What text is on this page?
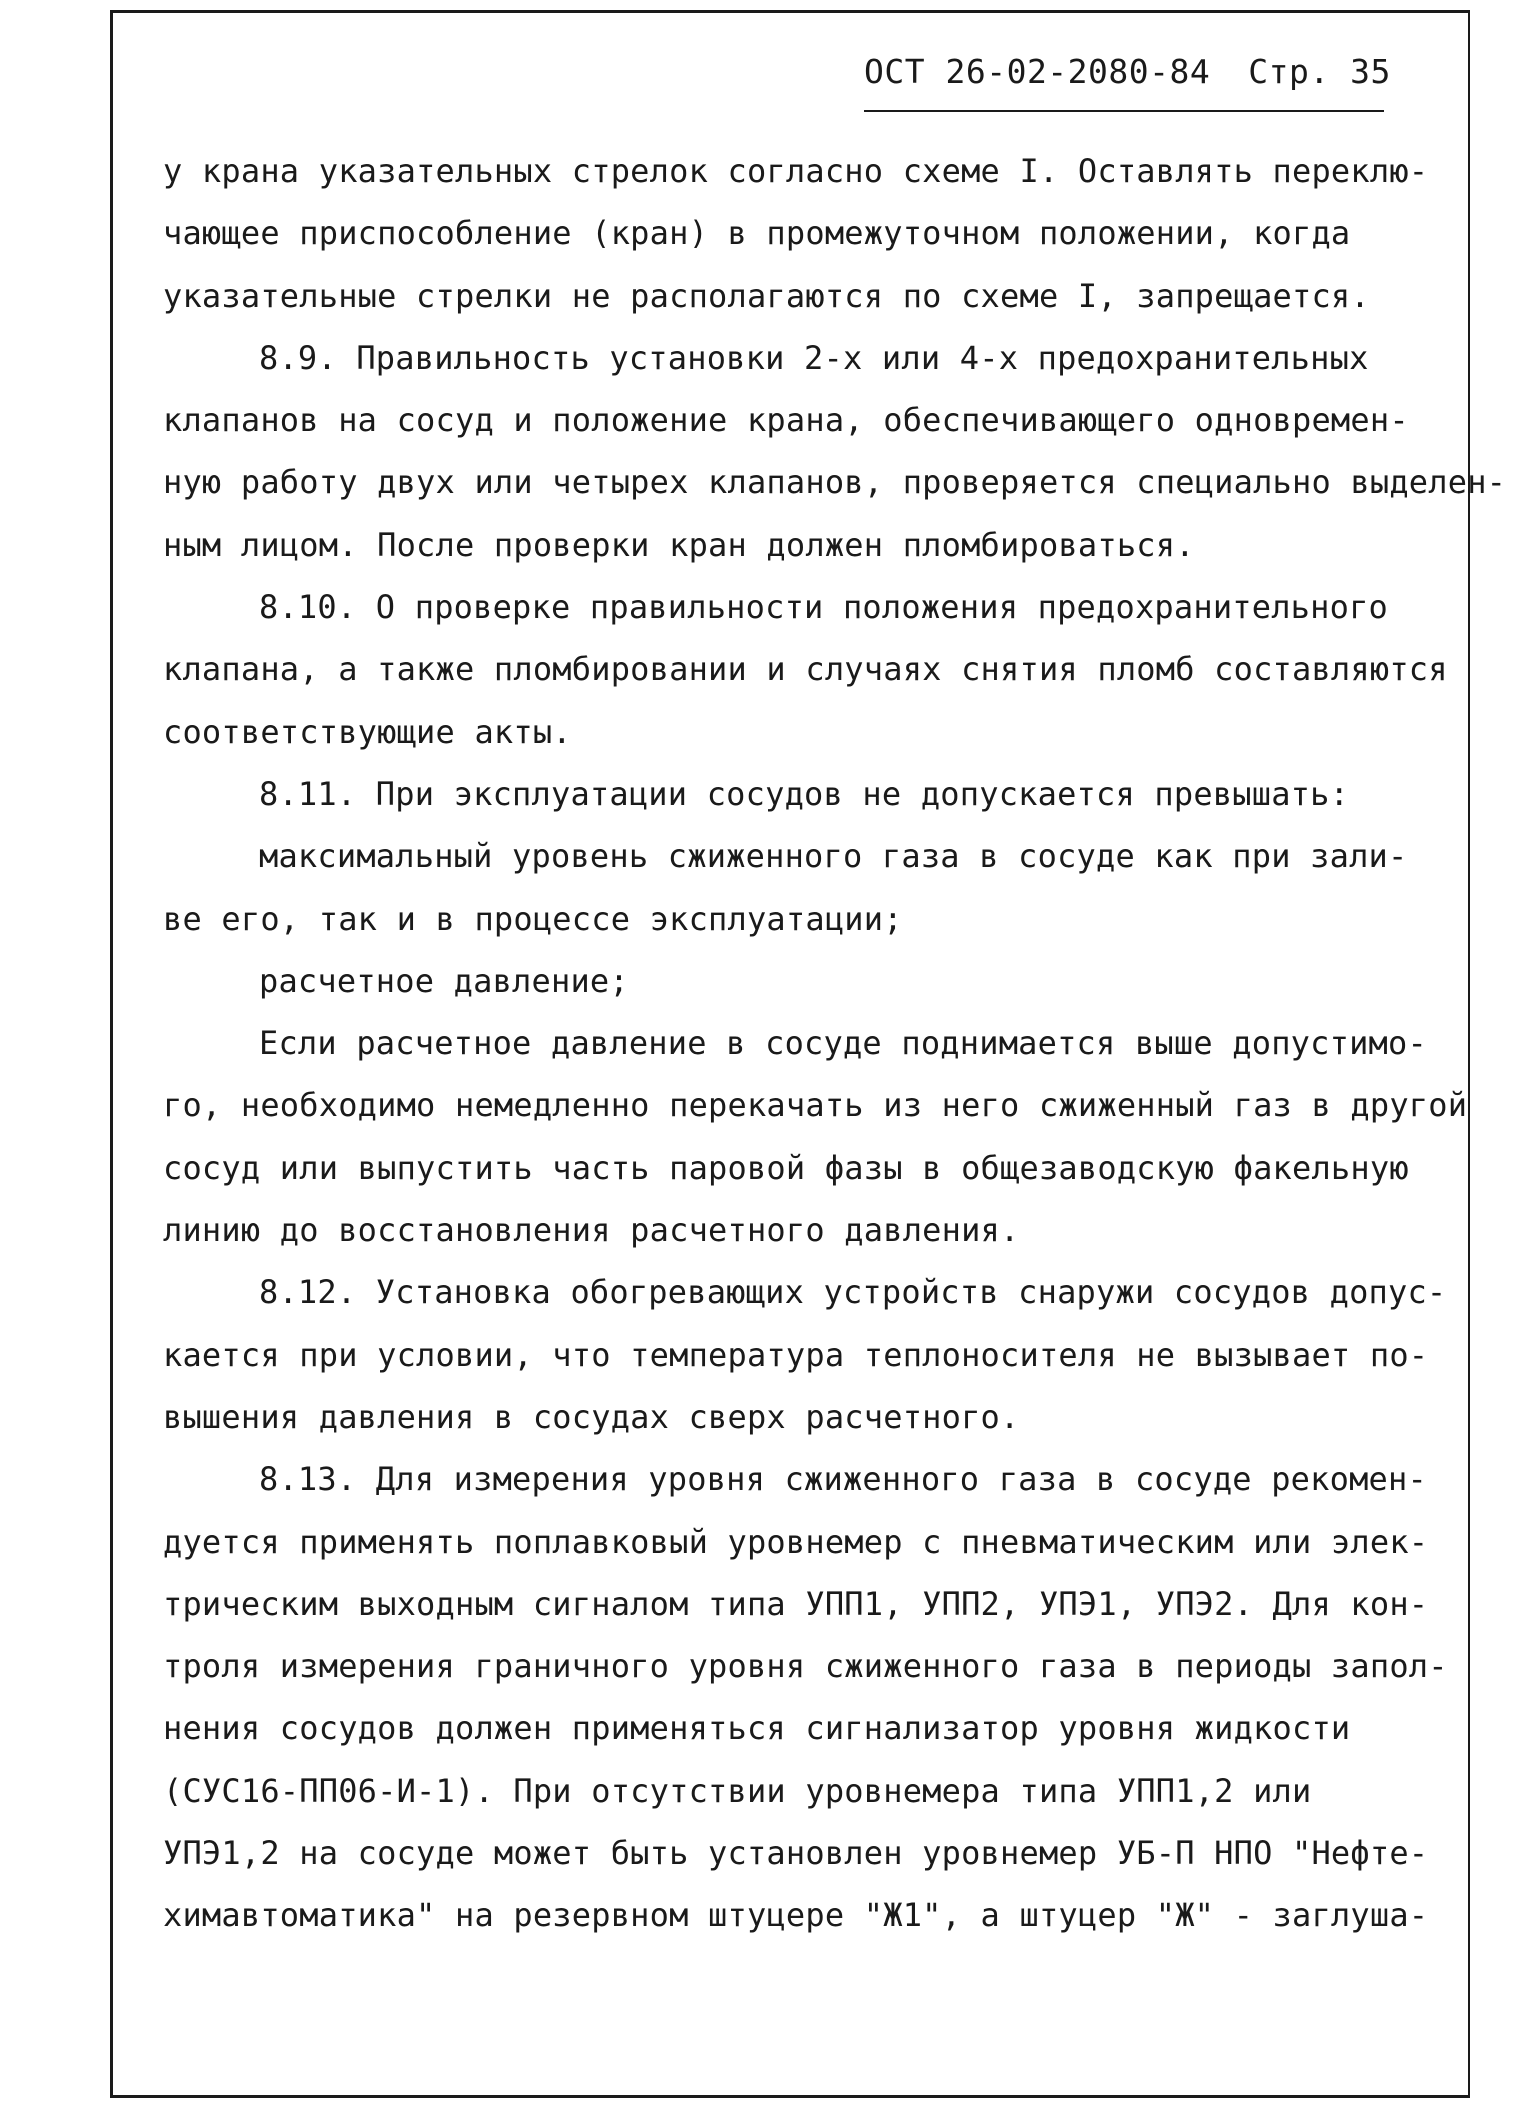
ОСТ 26-02-2080-84 Стр. 35
у крана указательных стрелок согласно схеме I. Оставлять переклю-
чающее приспособление (кран) в промежуточном положении, когда
указательные стрелки не располагаются по схеме I, запрещается.
8.9. Правильность установки 2-х или 4-х предохранительных
клапанов на сосуд и положение крана, обеспечивающего одновремен-
ную работу двух или четырех клапанов, проверяется специально выделен-
ным лицом. После проверки кран должен пломбироваться.
8.10. О проверке правильности положения предохранительного
клапана, а также пломбировании и случаях снятия пломб составляются
соответствующие акты.
8.11. При эксплуатации сосудов не допускается превышать:
максимальный уровень сжиженного газа в сосуде как при зали-
ве его, так и в процессе эксплуатации;
расчетное давление;
Если расчетное давление в сосуде поднимается выше допустимо-
го, необходимо немедленно перекачать из него сжиженный газ в другой
сосуд или выпустить часть паровой фазы в общезаводскую факельную
линию до восстановления расчетного давления.
8.12. Установка обогревающих устройств снаружи сосудов допус-
кается при условии, что температура теплоносителя не вызывает по-
вышения давления в сосудах сверх расчетного.
8.13. Для измерения уровня сжиженного газа в сосуде рекомен-
дуется применять поплавковый уровнемер с пневматическим или элек-
трическим выходным сигналом типа УПП1, УПП2, УПЭ1, УПЭ2. Для кон-
троля измерения граничного уровня сжиженного газа в периоды запол-
нения сосудов должен применяться сигнализатор уровня жидкости
(СУС16-ПП06-И-1). При отсутствии уровнемера типа УПП1,2 или
УПЭ1,2 на сосуде может быть установлен уровнемер УБ-П НПО "Нефте-
химавтоматика" на резервном штуцере "Ж1", а штуцер "Ж" - заглуша-
